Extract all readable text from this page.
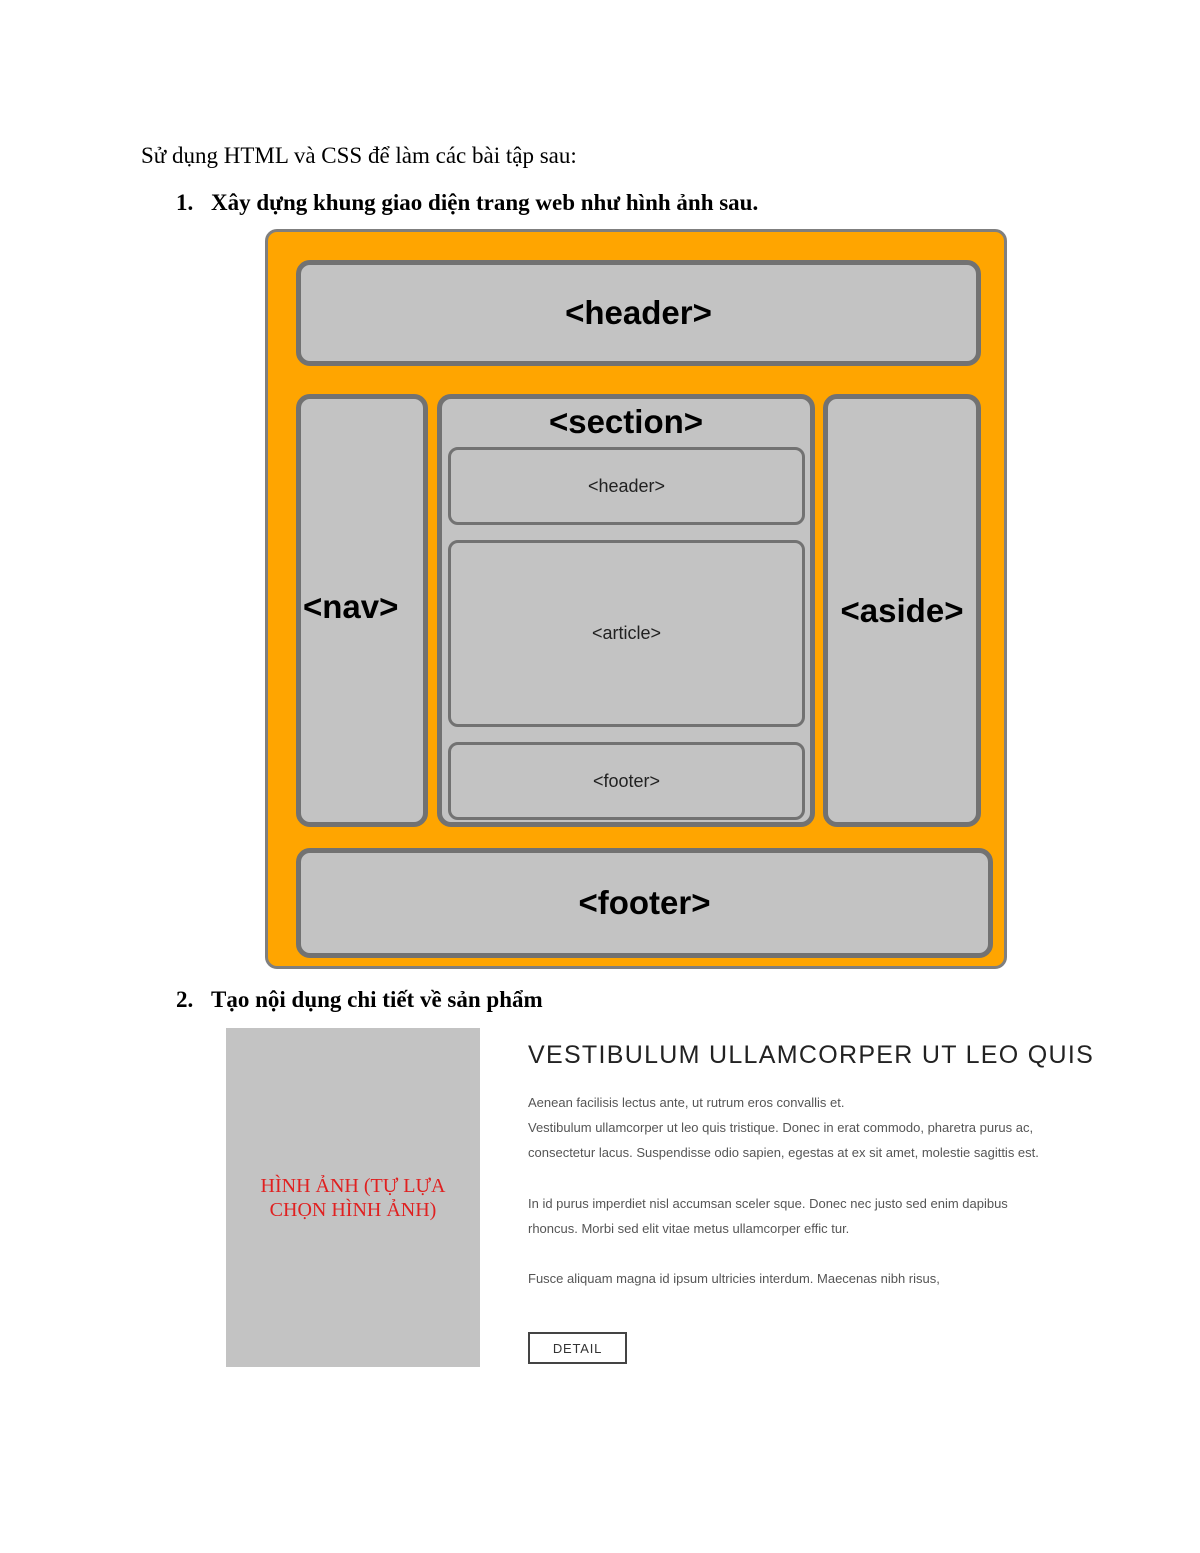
Sử dụng HTML và CSS để làm các bài tập sau:
1. Xây dựng khung giao diện trang web như hình ảnh sau.
<header>
<nav>
<section>
<header>
<article>
<footer>
<aside>
<footer>
2. Tạo nội dụng chi tiết về sản phẩm
HÌNH ẢNH (TỰ LỰA CHỌN HÌNH ẢNH)
VESTIBULUM ULLAMCORPER UT LEO QUIS
Aenean facilisis lectus ante, ut rutrum eros convallis et.
Vestibulum ullamcorper ut leo quis tristique. Donec in erat commodo, pharetra purus ac,
consectetur lacus. Suspendisse odio sapien, egestas at ex sit amet, molestie sagittis est.
In id purus imperdiet nisl accumsan sceler sque. Donec nec justo sed enim dapibus
rhoncus. Morbi sed elit vitae metus ullamcorper effic tur.
Fusce aliquam magna id ipsum ultricies interdum. Maecenas nibh risus,
DETAIL
